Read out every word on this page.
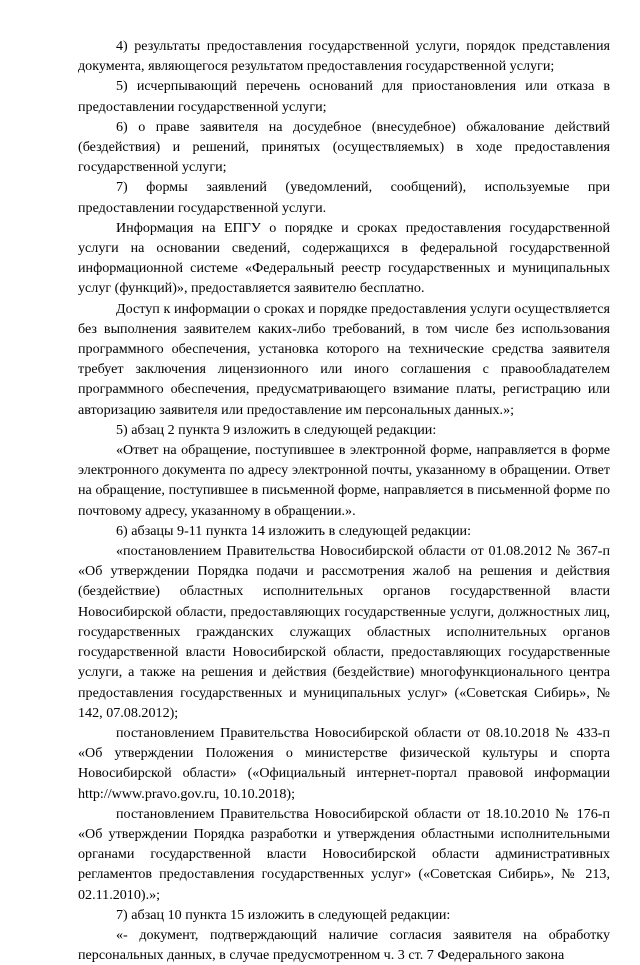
4) результаты предоставления государственной услуги, порядок представления документа, являющегося результатом предоставления государственной услуги;

5) исчерпывающий перечень оснований для приостановления или отказа в предоставлении государственной услуги;

6) о праве заявителя на досудебное (внесудебное) обжалование действий (бездействия) и решений, принятых (осуществляемых) в ходе предоставления государственной услуги;

7) формы заявлений (уведомлений, сообщений), используемые при предоставлении государственной услуги.

Информация на ЕПГУ о порядке и сроках предоставления государственной услуги на основании сведений, содержащихся в федеральной государственной информационной системе «Федеральный реестр государственных и муниципальных услуг (функций)», предоставляется заявителю бесплатно.

Доступ к информации о сроках и порядке предоставления услуги осуществляется без выполнения заявителем каких-либо требований, в том числе без использования программного обеспечения, установка которого на технические средства заявителя требует заключения лицензионного или иного соглашения с правообладателем программного обеспечения, предусматривающего взимание платы, регистрацию или авторизацию заявителя или предоставление им персональных данных.»;

5) абзац 2 пункта 9 изложить в следующей редакции:

«Ответ на обращение, поступившее в электронной форме, направляется в форме электронного документа по адресу электронной почты, указанному в обращении. Ответ на обращение, поступившее в письменной форме, направляется в письменной форме по почтовому адресу, указанному в обращении.».

6) абзацы 9-11 пункта 14 изложить в следующей редакции:

«постановлением Правительства Новосибирской области от 01.08.2012 № 367-п «Об утверждении Порядка подачи и рассмотрения жалоб на решения и действия (бездействие) областных исполнительных органов государственной власти Новосибирской области, предоставляющих государственные услуги, должностных лиц, государственных гражданских служащих областных исполнительных органов государственной власти Новосибирской области, предоставляющих государственные услуги, а также на решения и действия (бездействие) многофункционального центра предоставления государственных и муниципальных услуг» («Советская Сибирь», № 142, 07.08.2012);

постановлением Правительства Новосибирской области от 08.10.2018 № 433-п «Об утверждении Положения о министерстве физической культуры и спорта Новосибирской области» («Официальный интернет-портал правовой информации http://www.pravo.gov.ru, 10.10.2018);

постановлением Правительства Новосибирской области от 18.10.2010 № 176-п «Об утверждении Порядка разработки и утверждения областными исполнительными органами государственной власти Новосибирской области административных регламентов предоставления государственных услуг» («Советская Сибирь», № 213, 02.11.2010).»;

7) абзац 10 пункта 15 изложить в следующей редакции:

«- документ, подтверждающий наличие согласия заявителя на обработку персональных данных, в случае предусмотренном ч. 3 ст. 7 Федерального закона
